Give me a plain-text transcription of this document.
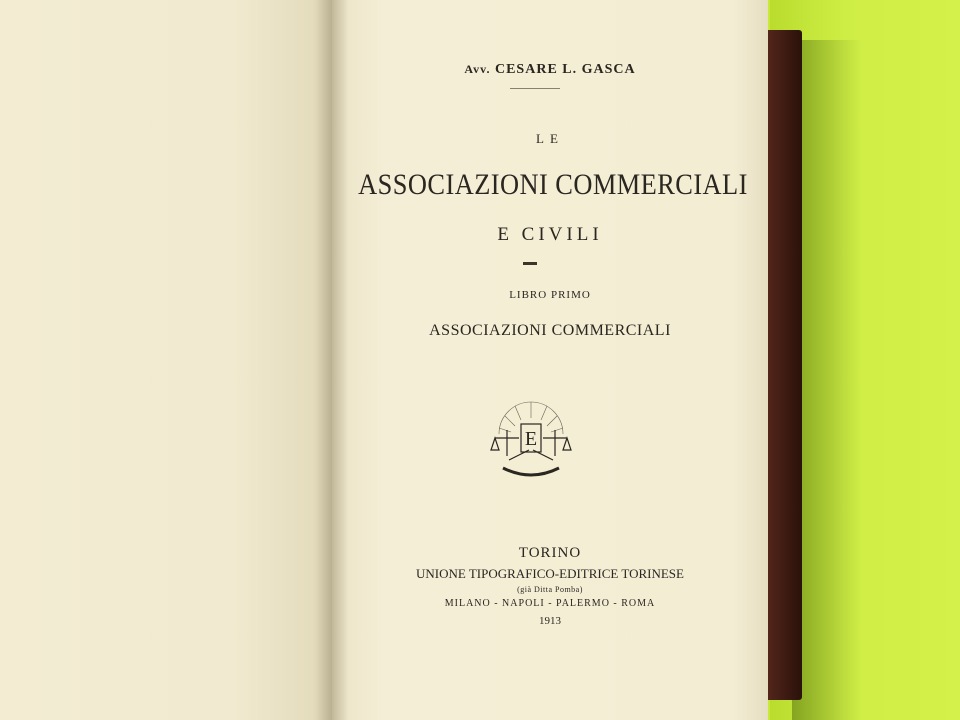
Avv. CESARE L. GASCA
LE
ASSOCIAZIONI COMMERCIALI
E CIVILI
LIBRO PRIMO
ASSOCIAZIONI COMMERCIALI
E
TORINO
UNIONE TIPOGRAFICO-EDITRICE TORINESE
(già Ditta Pomba)
MILANO - NAPOLI - PALERMO - ROMA
1913
